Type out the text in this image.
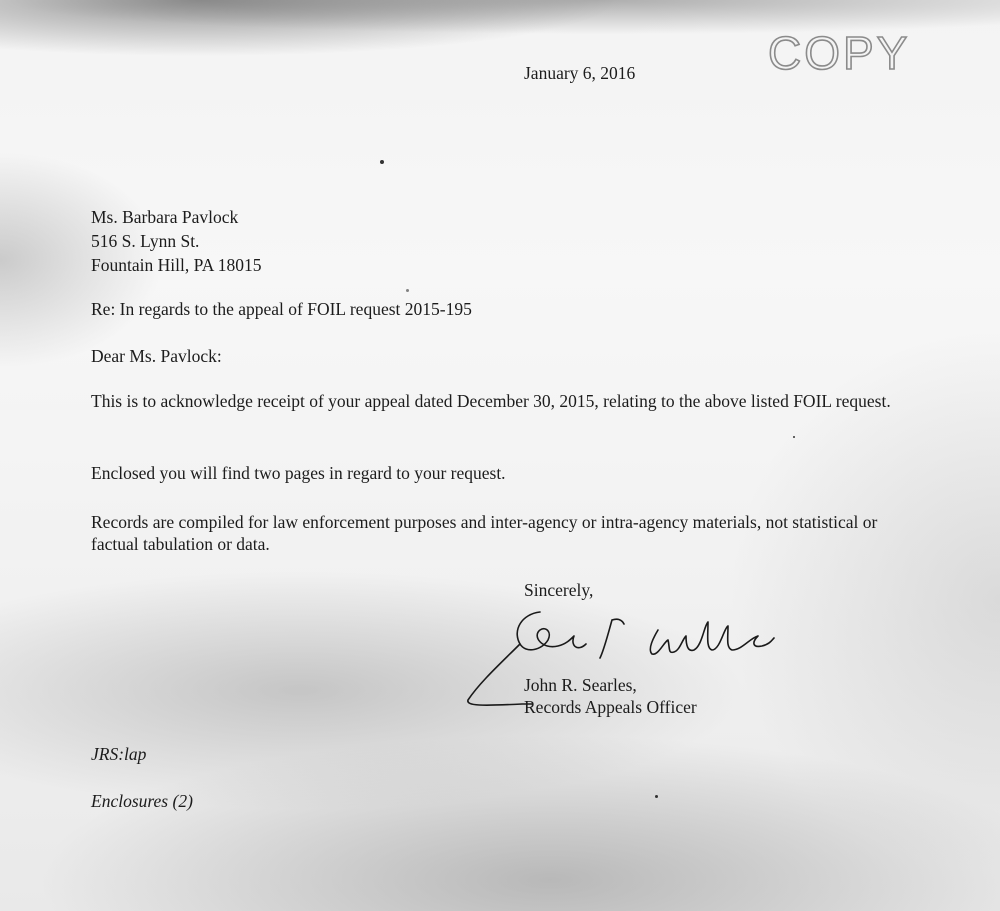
COPY

January 6, 2016

Ms. Barbara Pavlock

516 S. Lynn St.

Fountain Hill, PA 18015

Re: In regards to the appeal of FOIL request 2015-195

Dear Ms. Pavlock:

This is to acknowledge receipt of your appeal dated December 30, 2015, relating to the above listed FOIL request.

Enclosed you will find two pages in regard to your request.

Records are compiled for law enforcement purposes and inter-agency or intra-agency materials, not statistical or factual tabulation or data.

Sincerely,

John R. Searles,

Records Appeals Officer

JRS:lap

Enclosures (2)
